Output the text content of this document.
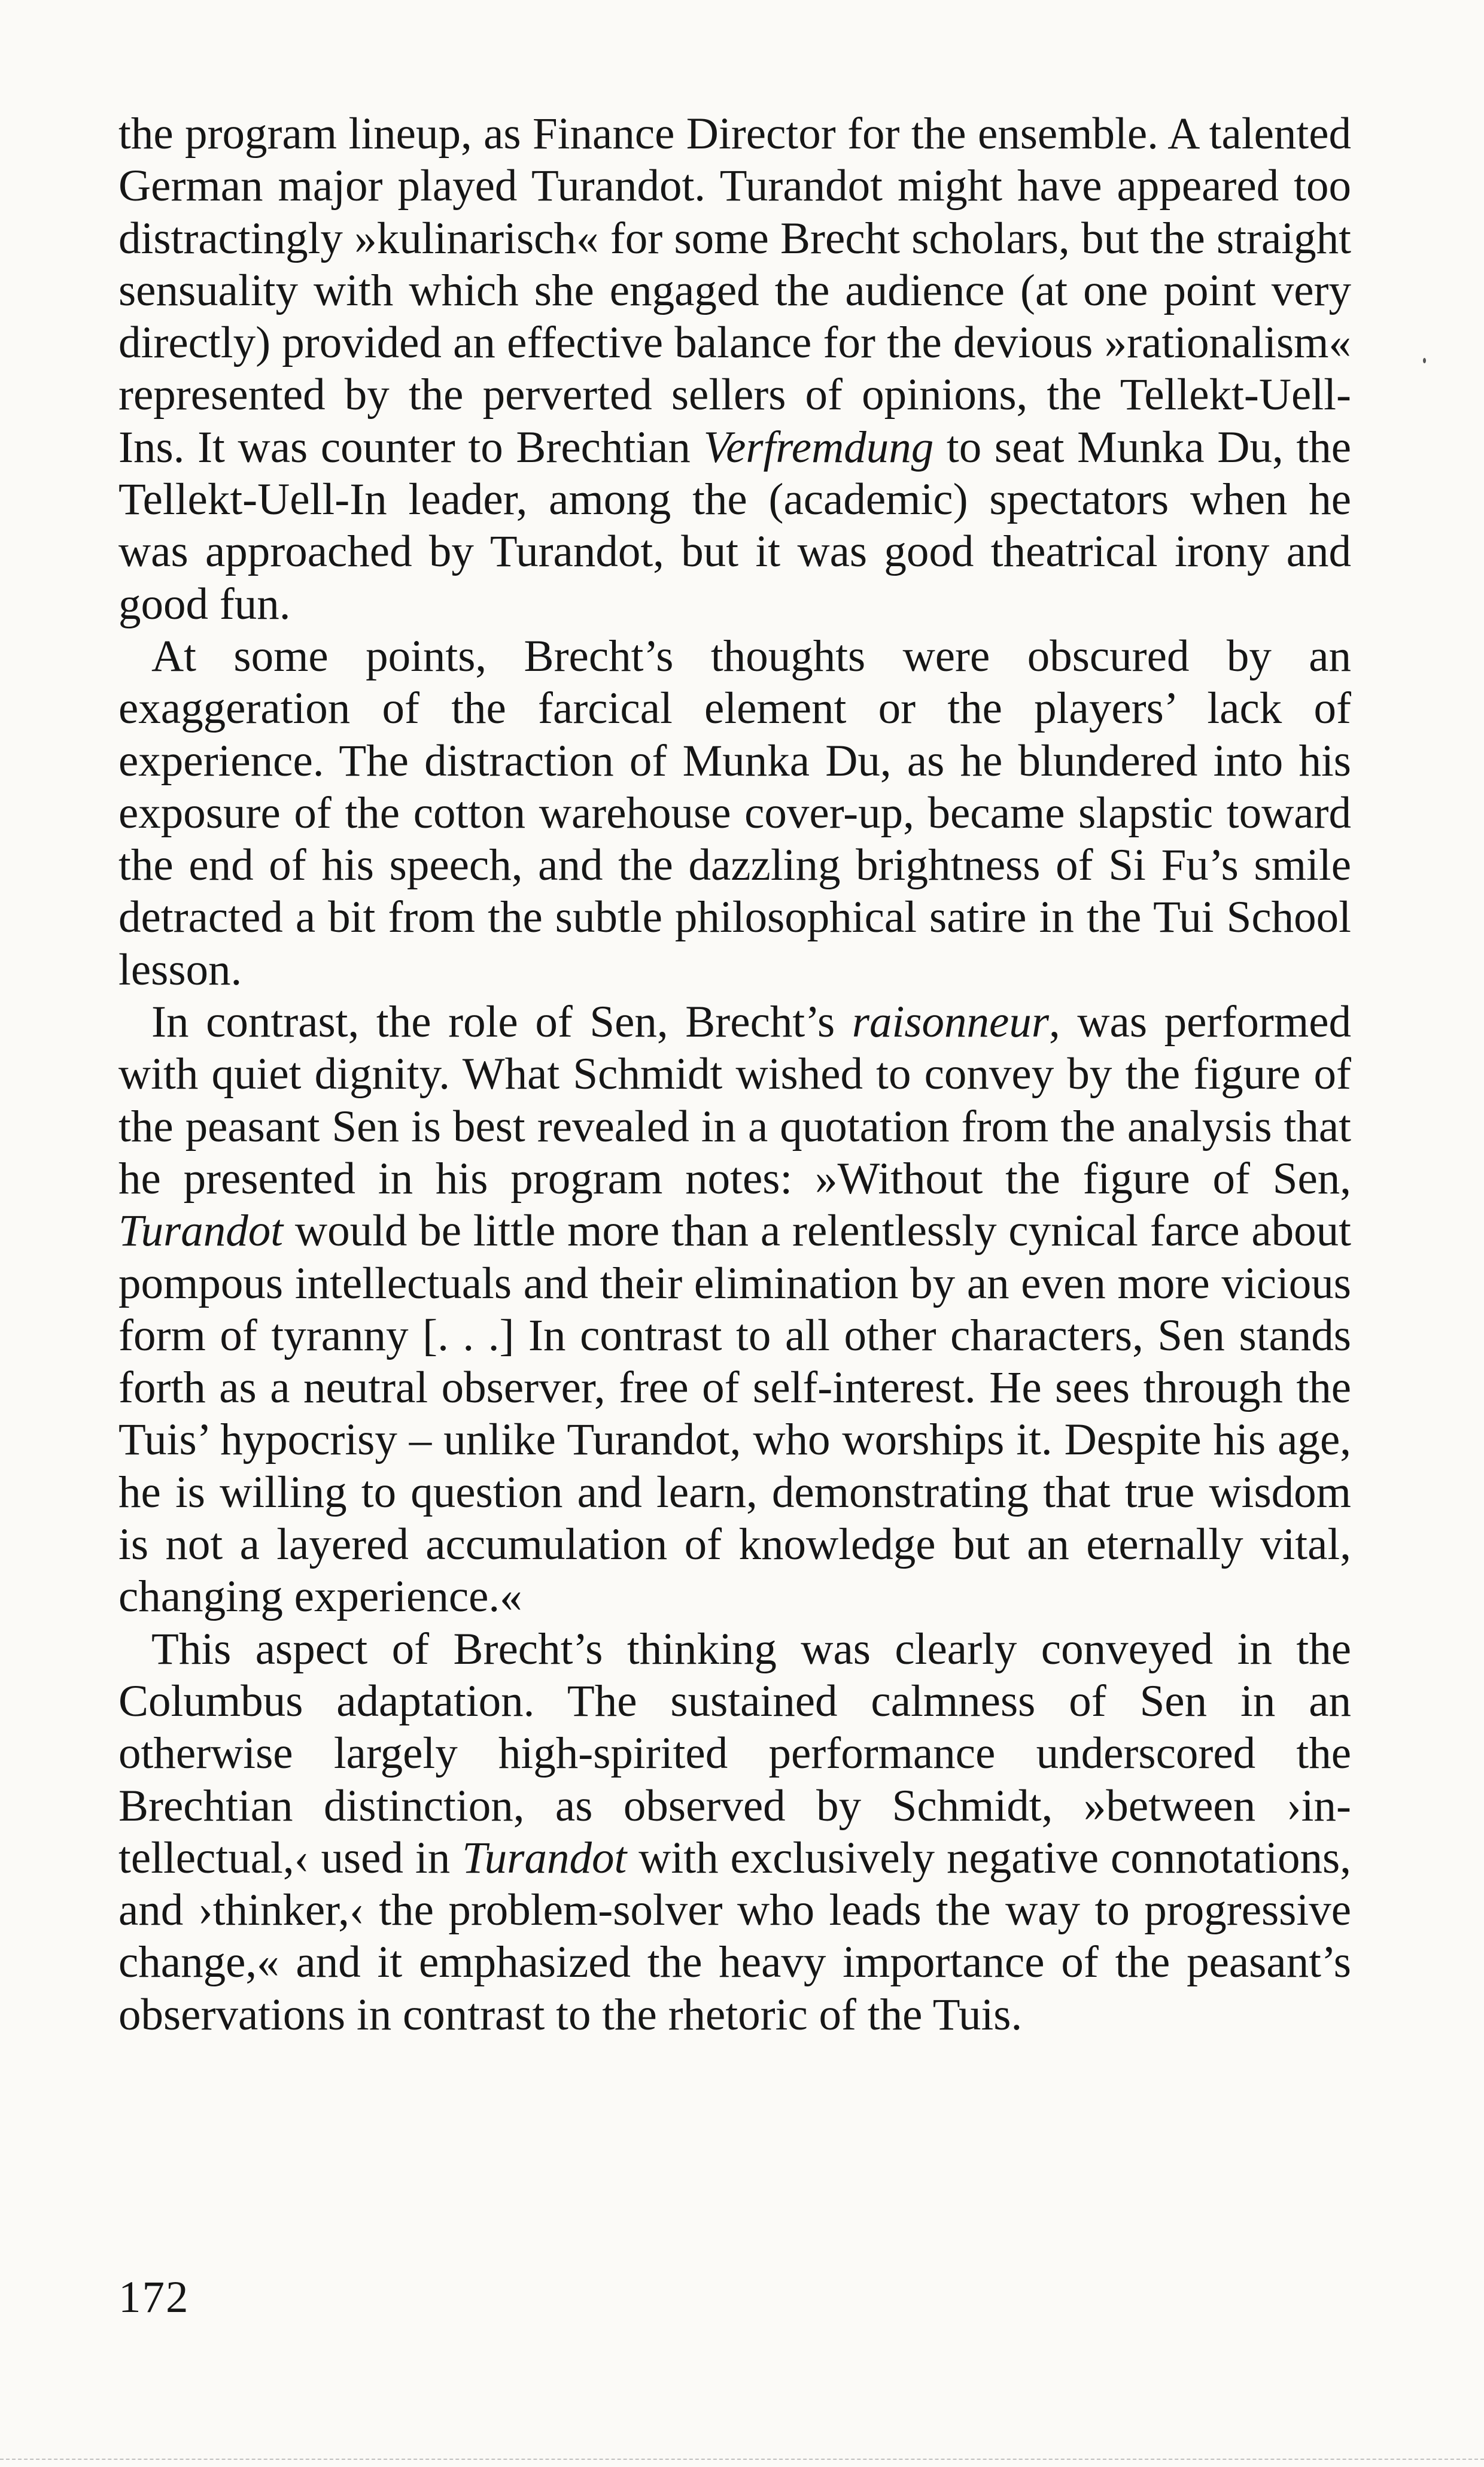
the program lineup, as Finance Director for the ensemble. A talented German major played Turandot. Turandot might have appeared too distractingly »kulinarisch« for some Brecht scholars, but the straight sensuality with which she engaged the audience (at one point very directly) provided an effective balance for the devious »rationalism« represented by the perverted sellers of opinions, the Tellekt-Uell-Ins. It was counter to Brechtian Verfremdung to seat Munka Du, the Tellekt-Uell-In leader, among the (academic) spectators when he was approached by Turandot, but it was good theatrical irony and good fun.

At some points, Brecht’s thoughts were obscured by an exaggeration of the farcical element or the players’ lack of experience. The distraction of Munka Du, as he blundered into his exposure of the cotton warehouse cover-up, became slapstic toward the end of his speech, and the dazzling brightness of Si Fu’s smile detracted a bit from the subtle philosophical satire in the Tui School lesson.

In contrast, the role of Sen, Brecht’s raisonneur, was performed with quiet dignity. What Schmidt wished to convey by the figure of the peasant Sen is best revealed in a quotation from the analysis that he presented in his program notes: »Without the figure of Sen, Turandot would be little more than a relentlessly cynical farce about pompous intellectuals and their elimination by an even more vicious form of tyranny [. . .] In contrast to all other characters, Sen stands forth as a neutral observer, free of self-interest. He sees through the Tuis’ hypocrisy – unlike Turandot, who worships it. Despite his age, he is willing to question and learn, demonstrating that true wisdom is not a layered accumulation of knowledge but an eternally vital, changing experience.«

This aspect of Brecht’s thinking was clearly conveyed in the Columbus adaptation. The sustained calmness of Sen in an otherwise largely high-spirited performance underscored the Brechtian distinction, as observed by Schmidt, »between ›intellectual,‹ used in Turandot with exclusively negative connotations, and ›thinker,‹ the problem-solver who leads the way to progressive change,« and it emphasized the heavy importance of the peasant’s observations in contrast to the rhetoric of the Tuis.

172
